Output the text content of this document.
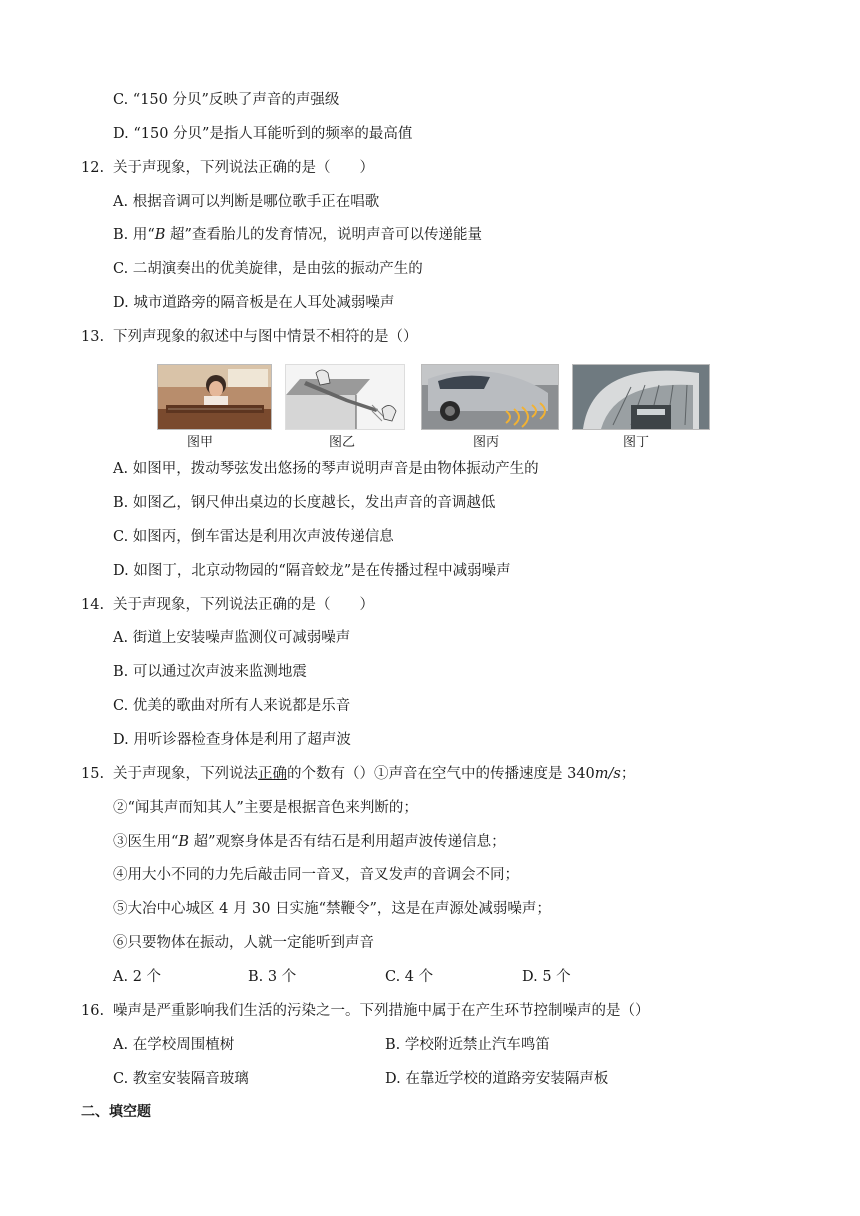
C. “150 分贝”反映了声音的声强级
D. “150 分贝”是指人耳能听到的频率的最高值
12. 关于声现象，下列说法正确的是（　　）
A. 根据音调可以判断是哪位歌手正在唱歌
B. 用“B 超”查看胎儿的发育情况，说明声音可以传递能量
C. 二胡演奏出的优美旋律，是由弦的振动产生的
D. 城市道路旁的隔音板是在人耳处减弱噪声
13. 下列声现象的叙述中与图中情景不相符的是（）
图甲	图乙	图丙	图丁
A. 如图甲，拨动琴弦发出悠扬的琴声说明声音是由物体振动产生的
B. 如图乙，钢尺伸出桌边的长度越长，发出声音的音调越低
C. 如图丙，倒车雷达是利用次声波传递信息
D. 如图丁，北京动物园的“隔音蛟龙”是在传播过程中减弱噪声
14. 关于声现象，下列说法正确的是（　　）
A. 街道上安装噪声监测仪可减弱噪声
B. 可以通过次声波来监测地震
C. 优美的歌曲对所有人来说都是乐音
D. 用听诊器检查身体是利用了超声波
15. 关于声现象，下列说法正确的个数有（）①声音在空气中的传播速度是 340m/s；
②“闻其声而知其人”主要是根据音色来判断的；
③医生用“B 超”观察身体是否有结石是利用超声波传递信息；
④用大小不同的力先后敲击同一音叉，音叉发声的音调会不同；
⑤大冶中心城区 4 月 30 日实施“禁鞭令”，这是在声源处减弱噪声；
⑥只要物体在振动，人就一定能听到声音
A. 2 个	B. 3 个	C. 4 个	D. 5 个
16. 噪声是严重影响我们生活的污染之一。下列措施中属于在产生环节控制噪声的是（）
A. 在学校周围植树	B. 学校附近禁止汽车鸣笛
C. 教室安装隔音玻璃	D. 在靠近学校的道路旁安装隔声板
二、填空题
